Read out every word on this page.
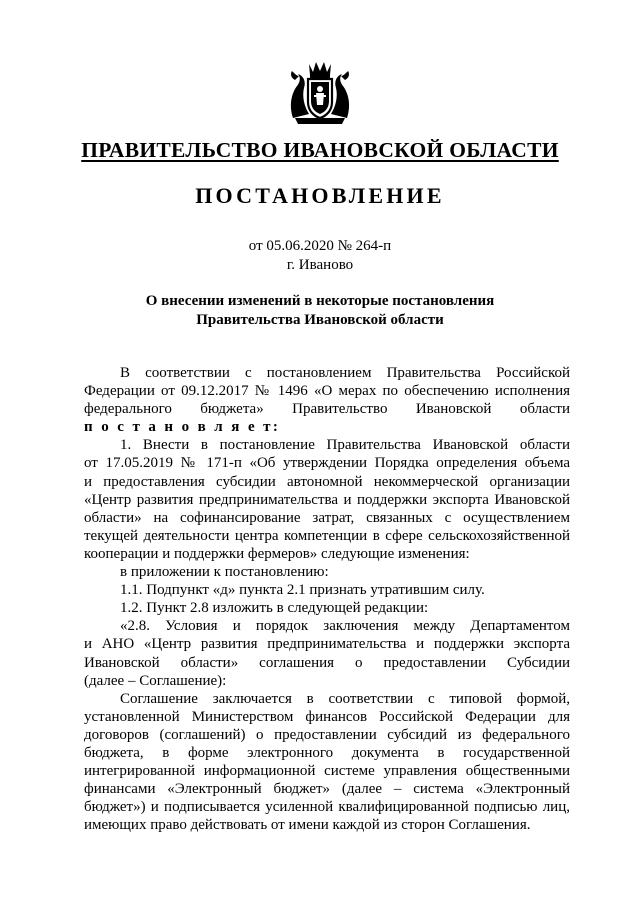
ПРАВИТЕЛЬСТВО ИВАНОВСКОЙ ОБЛАСТИ
ПОСТАНОВЛЕНИЕ
от 05.06.2020 № 264-п
г. Иваново
О внесении изменений в некоторые постановления
Правительства Ивановской области

В соответствии с постановлением Правительства Российской

Федерации от 09.12.2017 № 1496 «О мерах по обеспечению исполнения

федерального бюджета» Правительство Ивановской области

п о с т а н о в л я е т:

1. Внести в постановление Правительства Ивановской области

от 17.05.2019 № 171-п «Об утверждении Порядка определения объема

и предоставления субсидии автономной некоммерческой организации

«Центр развития предпринимательства и поддержки экспорта Ивановской

области» на софинансирование затрат, связанных с осуществлением

текущей деятельности центра компетенции в сфере сельскохозяйственной

кооперации и поддержки фермеров» следующие изменения:

в приложении к постановлению:

1.1. Подпункт «д» пункта 2.1 признать утратившим силу.

1.2. Пункт 2.8 изложить в следующей редакции:

«2.8. Условия и порядок заключения между Департаментом

и АНО «Центр развития предпринимательства и поддержки экспорта

Ивановской области» соглашения о предоставлении Субсидии

(далее – Соглашение):

Соглашение заключается в соответствии с типовой формой,

установленной Министерством финансов Российской Федерации для

договоров (соглашений) о предоставлении субсидий из федерального

бюджета, в форме электронного документа в государственной

интегрированной информационной системе управления общественными

финансами «Электронный бюджет» (далее – система «Электронный

бюджет») и подписывается усиленной квалифицированной подписью лиц,

имеющих право действовать от имени каждой из сторон Соглашения.
